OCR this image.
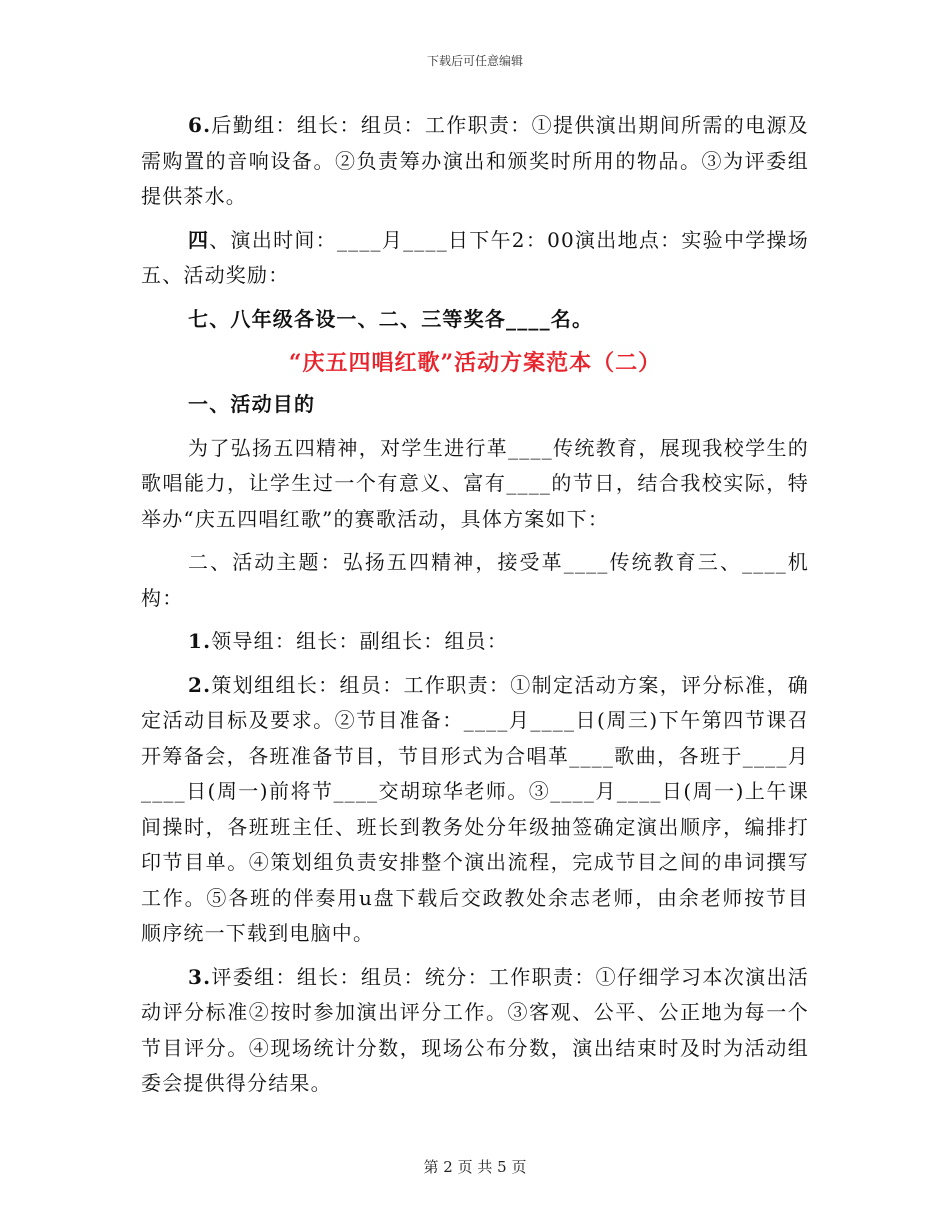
下载后可任意编辑

6.后勤组：组长：组员：工作职责：①提供演出期间所需的电源及需购置的音响设备。②负责筹办演出和颁奖时所用的物品。③为评委组提供茶水。

四、演出时间：____月____日下午2：00演出地点：实验中学操场五、活动奖励：

七、八年级各设一、二、三等奖各____名。

“庆五四唱红歌”活动方案范本（二）

一、活动目的

为了弘扬五四精神，对学生进行革____传统教育，展现我校学生的歌唱能力，让学生过一个有意义、富有____的节日，结合我校实际，特举办“庆五四唱红歌”的赛歌活动，具体方案如下：

二、活动主题：弘扬五四精神，接受革____传统教育三、____机构：

1.领导组：组长：副组长：组员：

2.策划组组长：组员：工作职责：①制定活动方案，评分标准，确定活动目标及要求。②节目准备：____月____日(周三)下午第四节课召开筹备会，各班准备节目，节目形式为合唱革____歌曲，各班于____月____日(周一)前将节____交胡琼华老师。③____月____日(周一)上午课间操时，各班班主任、班长到教务处分年级抽签确定演出顺序，编排打印节目单。④策划组负责安排整个演出流程，完成节目之间的串词撰写工作。⑤各班的伴奏用u盘下载后交政教处余志老师，由余老师按节目顺序统一下载到电脑中。

3.评委组：组长：组员：统分：工作职责：①仔细学习本次演出活动评分标准②按时参加演出评分工作。③客观、公平、公正地为每一个节目评分。④现场统计分数，现场公布分数，演出结束时及时为活动组委会提供得分结果。

第 2 页 共 5 页
